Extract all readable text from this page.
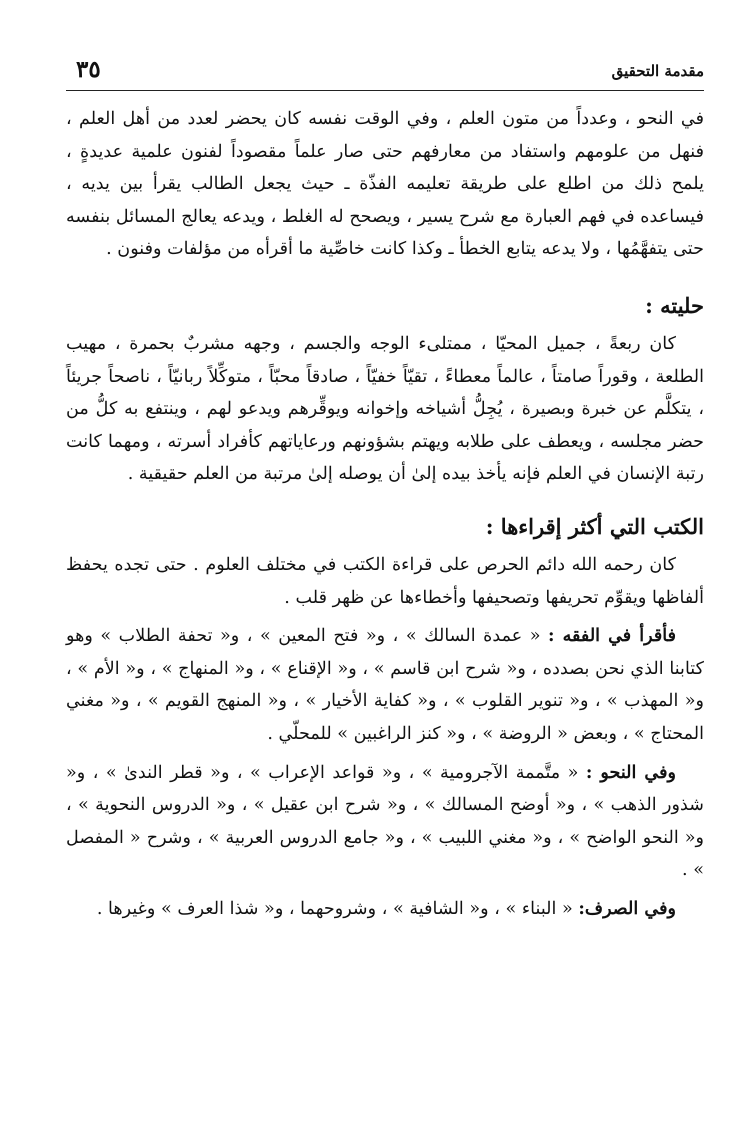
مقدمة التحقيق
٣٥

في النحو ، وعدداً من متون العلم ، وفي الوقت نفسه كان يحضر لعدد من أهل العلم ، فنهل من علومهم واستفاد من معارفهم حتى صار علماً مقصوداً لفنون علمية عديدةٍ ، يلمح ذلك من اطلع على طريقة تعليمه الفذّة ـ حيث يجعل الطالب يقرأ بين يديه ، فيساعده في فهم العبارة مع شرح يسير ، ويصحح له الغلط ، ويدعه يعالج المسائل بنفسه حتى يتفهَّمُها ، ولا يدعه يتابع الخطأ ـ وكذا كانت خاصِّية ما أقرأه من مؤلفات وفنون .

حليته :

كان ربعةً ، جميل المحيّا ، ممتلىء الوجه والجسم ، وجهه مشربٌ بحمرة ، مهيب الطلعة ، وقوراً صامتاً ، عالماً معطاءً ، تقيّاً خفيّاً ، صادقاً محبّاً ، متوكِّلاً ربانيّاً ، ناصحاً جريئاً ، يتكلَّم عن خبرة وبصيرة ، يُجِلُّ أشياخه وإخوانه ويوقِّرهم ويدعو لهم ، وينتفع به كلُّ من حضر مجلسه ، ويعطف على طلابه ويهتم بشؤونهم ورعاياتهم كأفراد أسرته ، ومهما كانت رتبة الإنسان في العلم فإنه يأخذ بيده إلىٰ أن يوصله إلىٰ مرتبة من العلم حقيقية .

الكتب التي أكثر إقراءها :

كان رحمه الله دائم الحرص على قراءة الكتب في مختلف العلوم . حتى تجده يحفظ ألفاظها ويقوِّم تحريفها وتصحيفها وأخطاءها عن ظهر قلب .

فأقرأ في الفقه : « عمدة السالك » ، و« فتح المعين » ، و« تحفة الطلاب » وهو كتابنا الذي نحن بصدده ، و« شرح ابن قاسم » ، و« الإقناع » ، و« المنهاج » ، و« الأم » ، و« المهذب » ، و« تنوير القلوب » ، و« كفاية الأخيار » ، و« المنهج القويم » ، و« مغني المحتاج » ، وبعض « الروضة » ، و« كنز الراغبين » للمحلّي .

وفي النحو : « متَّممة الآجرومية » ، و« قواعد الإعراب » ، و« قطر الندىٰ » ، و« شذور الذهب » ، و« أوضح المسالك » ، و« شرح ابن عقيل » ، و« الدروس النحوية » ، و« النحو الواضح » ، و« مغني اللبيب » ، و« جامع الدروس العربية » ، وشرح « المفصل » .

وفي الصرف: « البناء » ، و« الشافية » ، وشروحهما ، و« شذا العرف » وغيرها .
